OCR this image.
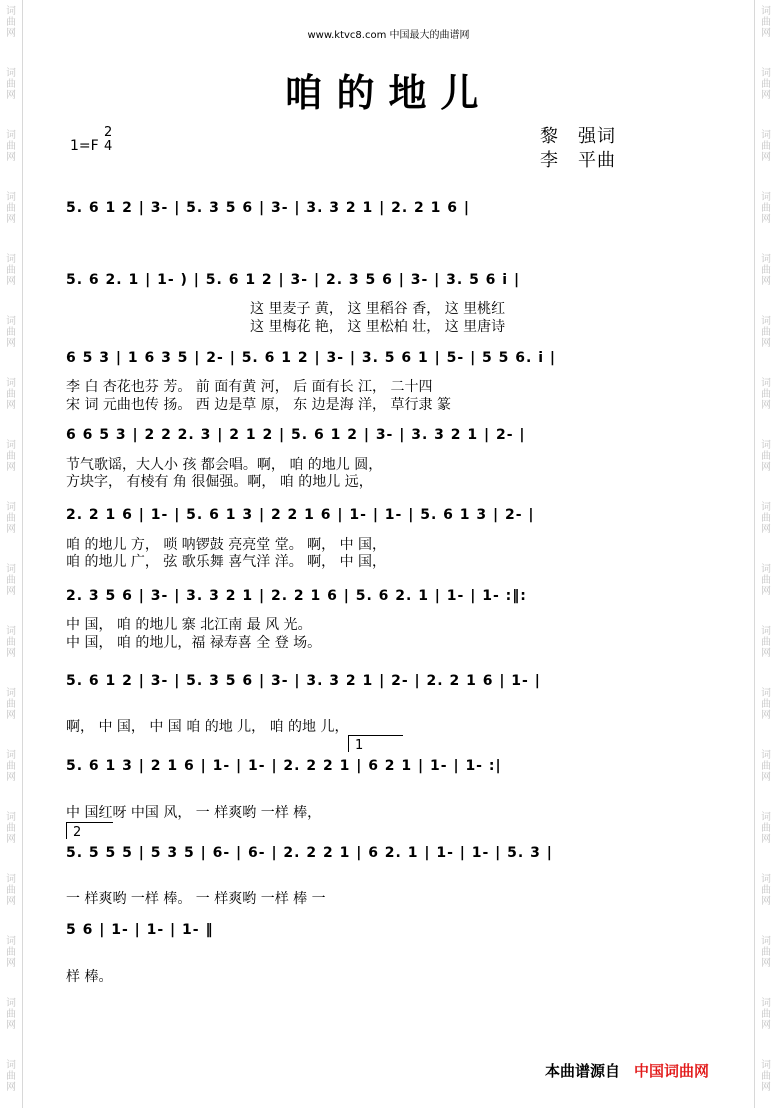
www.ktvc8.com 中国最大的曲谱网
咱的地儿
1=F
2
4	黎　强词
李　平曲
5. 6 1 2 | 3- | 5. 3 5 6 | 3- | 3. 3 2 1 | 2. 2 1 6 |
5. 6 2. 1 | 1- ) | 5. 6 1 2 | 3- | 2. 3 5 6 | 3- | 3. 5 6 i |
这 里麦子 黄， 这 里稻谷 香， 这 里桃红
这 里梅花 艳， 这 里松柏 壮， 这 里唐诗
6 5 3 | 1 6 3 5 | 2- | 5. 6 1 2 | 3- | 3. 5 6 1 | 5- | 5 5 6. i |
李 白 杏花也芬 芳。 前 面有黄 河， 后 面有长 江， 二十四
宋 词 元曲也传 扬。 西 边是草 原， 东 边是海 洋， 草行隶 篆
6 6 5 3 | 2 2 2. 3 | 2 1 2 | 5. 6 1 2 | 3- | 3. 3 2 1 | 2- |
节气歌谣，大人小 孩 都会唱。啊， 咱 的地儿 圆，
方块字， 有棱有 角 很倔强。啊， 咱 的地儿 远，
2. 2 1 6 | 1- | 5. 6 1 3 | 2 2 1 6 | 1- | 1- | 5. 6 1 3 | 2- |
咱 的地儿 方， 唢 呐锣鼓 亮亮堂 堂。 啊， 中 国，
咱 的地儿 广， 弦 歌乐舞 喜气洋 洋。 啊， 中 国，
2. 3 5 6 | 3- | 3. 3 2 1 | 2. 2 1 6 | 5. 6 2. 1 | 1- | 1- :‖:
中 国， 咱 的地儿 寨 北江南 最 风 光。
中 国， 咱 的地儿，福 禄寿喜 全 登 场。
5. 6 1 2 | 3- | 5. 3 5 6 | 3- | 3. 3 2 1 | 2- | 2. 2 1 6 | 1- |
啊， 中 国， 中 国 咱 的地 儿， 咱 的地 儿，
1
5. 6 1 3 | 2 1 6 | 1- | 1- | 2. 2 2 1 | 6 2 1 | 1- | 1- :|
中 国红呀 中国 风， 一 样爽哟 一样 棒，
2
5. 5 5 5 | 5 3 5 | 6- | 6- | 2. 2 2 1 | 6 2. 1 | 1- | 1- | 5. 3 |
一 样爽哟 一样 棒。 一 样爽哟 一样 棒 一
5 6 | 1- | 1- | 1- ‖
样 棒。
本曲谱源自 中国词曲网
词
曲
网
词
曲
网
词
曲
网
词
曲
网
词
曲
网
词
曲
网
词
曲
网
词
曲
网
词
曲
网
词
曲
网
词
曲
网
词
曲
网
词
曲
网
词
曲
网
词
曲
网
词
曲
网
词
曲
网
词
曲
网
词
曲
网
词
曲
网
词
曲
网
词
曲
网
词
曲
网
词
曲
网
词
曲
网
词
曲
网
词
曲
网
词
曲
网
词
曲
网
词
曲
网
词
曲
网
词
曲
网
词
曲
网
词
曲
网
词
曲
网
词
曲
网
